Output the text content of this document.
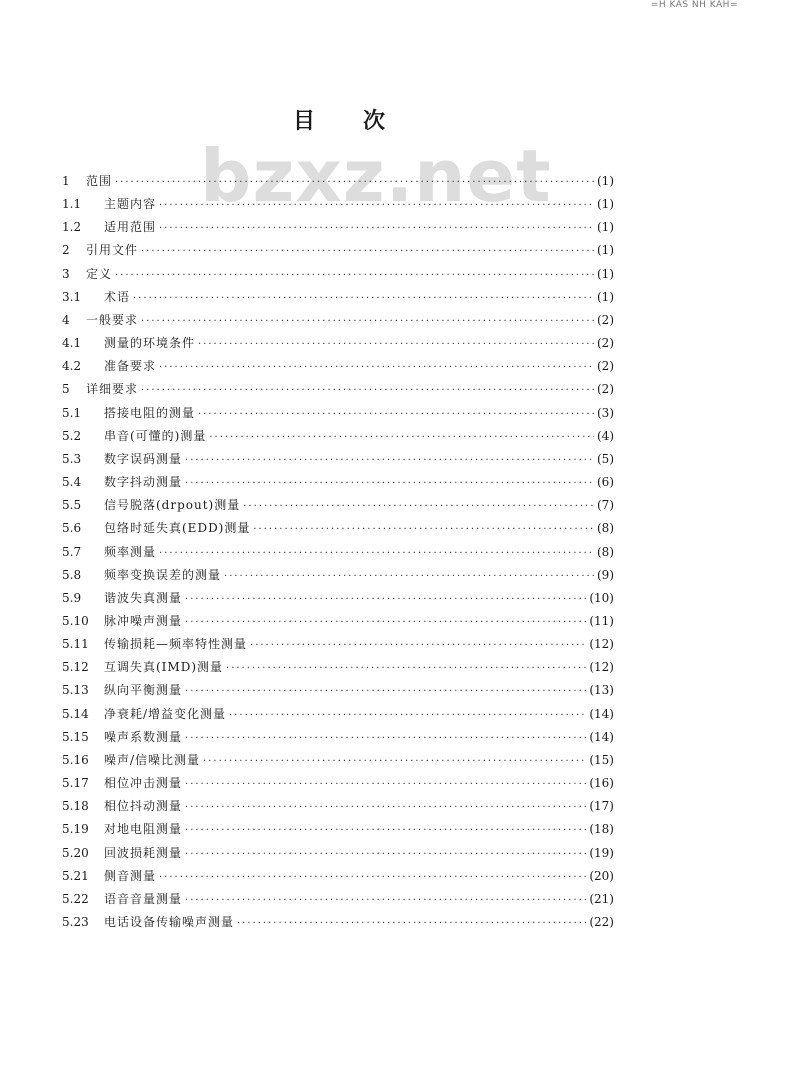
=H KAS NH KAH=
bzxz.net
目 次
1	范围 ·····	(1)
1.1	主题内容 ·····	(1)
1.2	适用范围 ·····	(1)
2	引用文件 ·····	(1)
3	定义 ·····	(1)
3.1	术语 ·····	(1)
4	一般要求 ·····	(2)
4.1	测量的环境条件 ·····	(2)
4.2	准备要求 ·····	(2)
5	详细要求 ·····	(2)
5.1	搭接电阻的测量 ·····	(3)
5.2	串音(可懂的)测量 ·····	(4)
5.3	数字误码测量 ·····	(5)
5.4	数字抖动测量 ·····	(6)
5.5	信号脱落(drpout)测量 ·····	(7)
5.6	包络时延失真(EDD)测量 ·····	(8)
5.7	频率测量 ·····	(8)
5.8	频率变换误差的测量 ·····	(9)
5.9	谐波失真测量 ·····	(10)
5.10	脉冲噪声测量 ·····	(11)
5.11	传输损耗—频率特性测量 ·····	(12)
5.12	互调失真(IMD)测量 ·····	(12)
5.13	纵向平衡测量 ·····	(13)
5.14	净衰耗/增益变化测量 ·····	(14)
5.15	噪声系数测量 ·····	(14)
5.16	噪声/信噪比测量 ·····	(15)
5.17	相位冲击测量 ·····	(16)
5.18	相位抖动测量 ·····	(17)
5.19	对地电阻测量 ·····	(18)
5.20	回波损耗测量 ·····	(19)
5.21	侧音测量 ·····	(20)
5.22	语音音量测量 ·····	(21)
5.23	电话设备传输噪声测量 ·····	(22)
